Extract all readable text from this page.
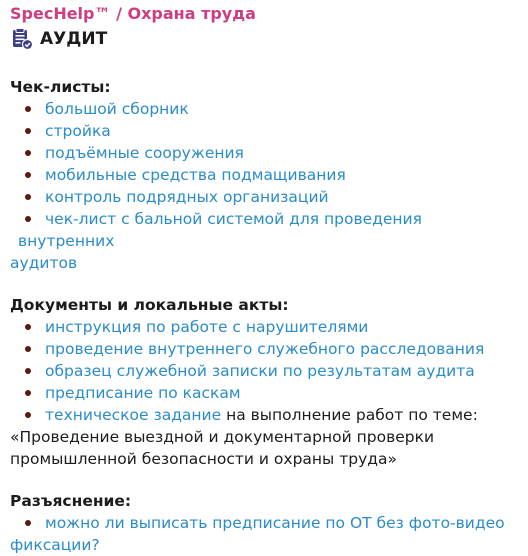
SpecHelp™ / Охрана труда
АУДИТ
Чек-листы:
большой сборник
стройка
подъёмные сооружения
мобильные средства подмащивания
контроль подрядных организаций
чек-лист с бальной системой для проведения внутренних
аудитов
Документы и локальные акты:
инструкция по работе с нарушителями
проведение внутреннего служебного расследования
образец служебной записки по результатам аудита
предписание по каскам
техническое задание на выполнение работ по теме:
«Проведение выездной и документарной проверки
промышленной безопасности и охраны труда»
Разъяснение:
можно ли выписать предписание по ОТ без фото-видео
фиксации?
